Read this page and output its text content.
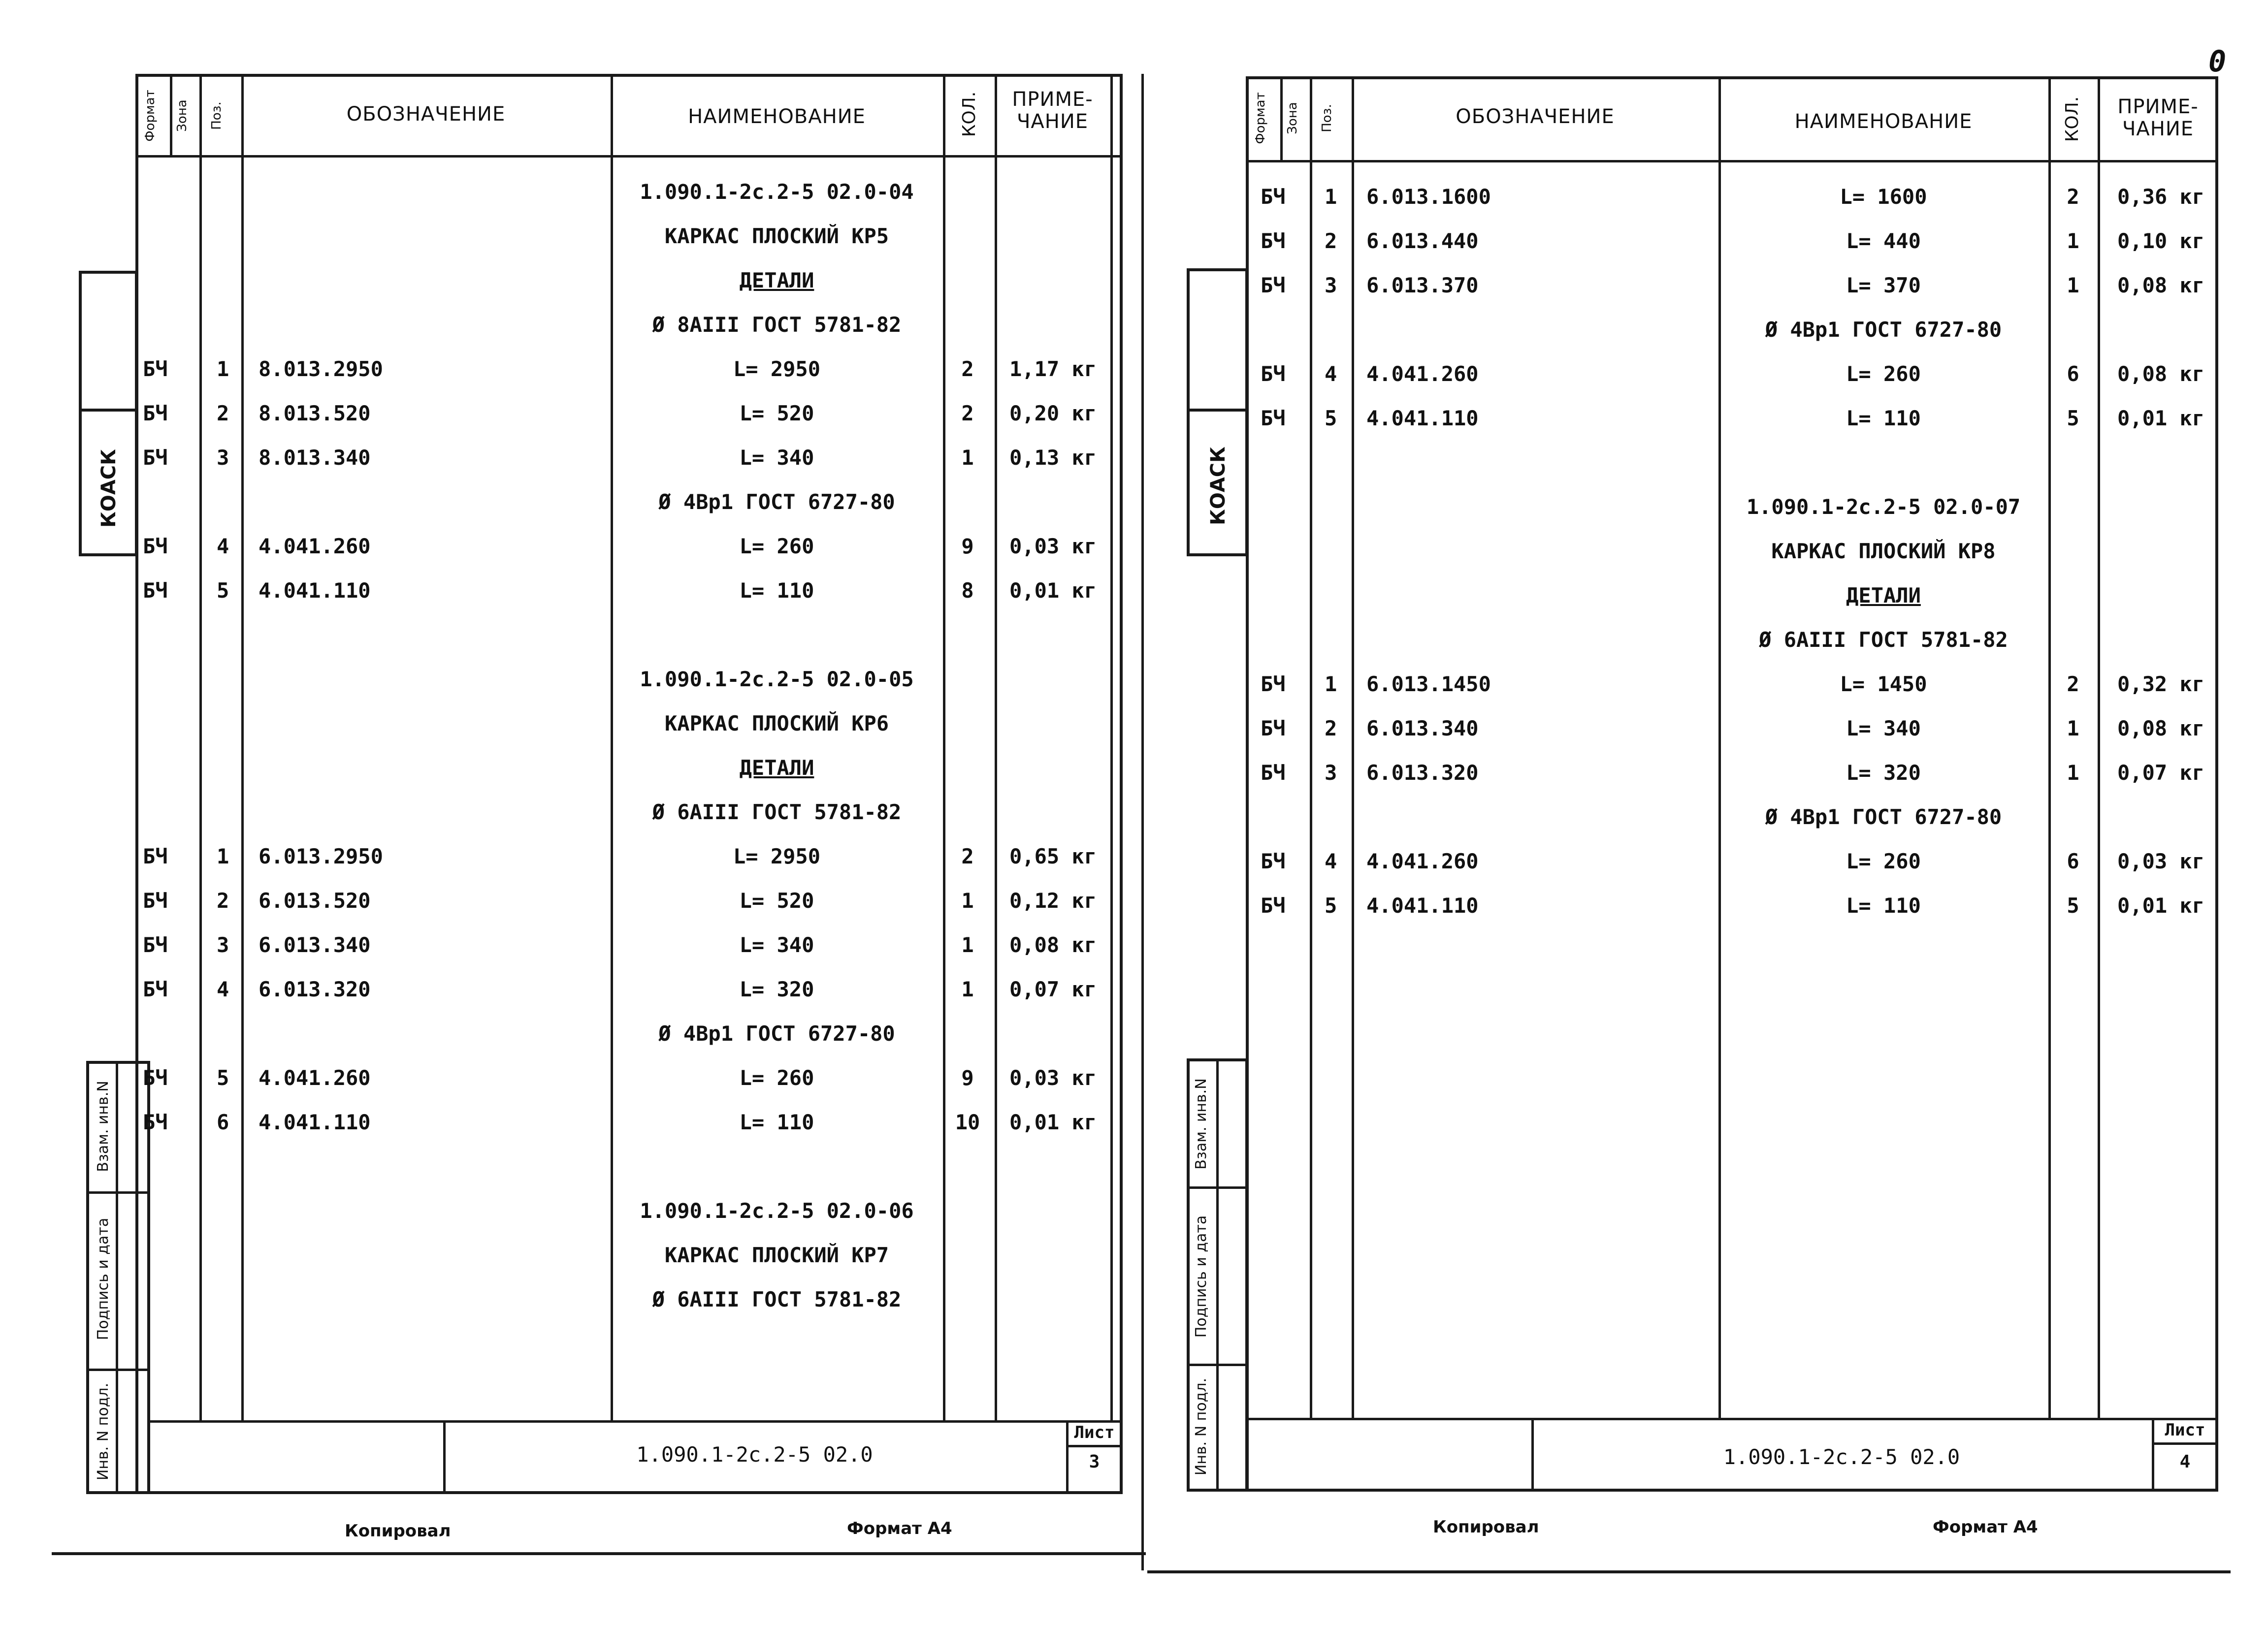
Формат	Зона	Поз.	ОБОЗНАЧЕНИЕ	НАИМЕНОВАНИЕ	КОЛ.	ПРИМЕ-
ЧАНИЕ
КОАСК
Взам. инв.N
Подпись и дата
Инв. N подл.	1.090.1-2с.2-5 02.0
Лист
3
Копировал	Формат А4
1.090.1-2с.2-5 02.0-04
КАРКАС ПЛОСКИЙ КР5
ДЕТАЛИ
Ø 8АIII ГОСТ 5781-82
БЧ 1 8.013.2950	L= 2950	2	1,17 кг
БЧ 2 8.013.520	L= 520	2	0,20 кг
БЧ 3 8.013.340	L= 340	1	0,13 кг
Ø 4Вр1 ГОСТ 6727-80
БЧ 4 4.041.260	L= 260	9	0,03 кг
БЧ 5 4.041.110	L= 110	8	0,01 кг
1.090.1-2с.2-5 02.0-05
КАРКАС ПЛОСКИЙ КР6
ДЕТАЛИ
Ø 6АIII ГОСТ 5781-82
БЧ 1 6.013.2950	L= 2950	2	0,65 кг
БЧ 2 6.013.520	L= 520	1	0,12 кг
БЧ 3 6.013.340	L= 340	1	0,08 кг
БЧ 4 6.013.320	L= 320	1	0,07 кг
Ø 4Вр1 ГОСТ 6727-80
БЧ 5 4.041.260	L= 260	9	0,03 кг
БЧ 6 4.041.110	L= 110	10	0,01 кг
1.090.1-2с.2-5 02.0-06
КАРКАС ПЛОСКИЙ КР7
Ø 6АIII ГОСТ 5781-82
Формат	Зона	Поз.	ОБОЗНАЧЕНИЕ	НАИМЕНОВАНИЕ	КОЛ.	ПРИМЕ-
ЧАНИЕ
КОАСК
Взам. инв.N
Подпись и дата
Инв. N подл.	1.090.1-2с.2-5 02.0
Лист
4
Копировал	Формат А4
0
БЧ 1 6.013.1600	L= 1600	2	0,36 кг
БЧ 2 6.013.440	L= 440	1	0,10 кг
БЧ 3 6.013.370	L= 370	1	0,08 кг
Ø 4Вр1 ГОСТ 6727-80
БЧ 4 4.041.260	L= 260	6	0,08 кг
БЧ 5 4.041.110	L= 110	5	0,01 кг
1.090.1-2с.2-5 02.0-07
КАРКАС ПЛОСКИЙ КР8
ДЕТАЛИ
Ø 6АIII ГОСТ 5781-82
БЧ 1 6.013.1450	L= 1450	2	0,32 кг
БЧ 2 6.013.340	L= 340	1	0,08 кг
БЧ 3 6.013.320	L= 320	1	0,07 кг
Ø 4Вр1 ГОСТ 6727-80
БЧ 4 4.041.260	L= 260	6	0,03 кг
БЧ 5 4.041.110	L= 110	5	0,01 кг
